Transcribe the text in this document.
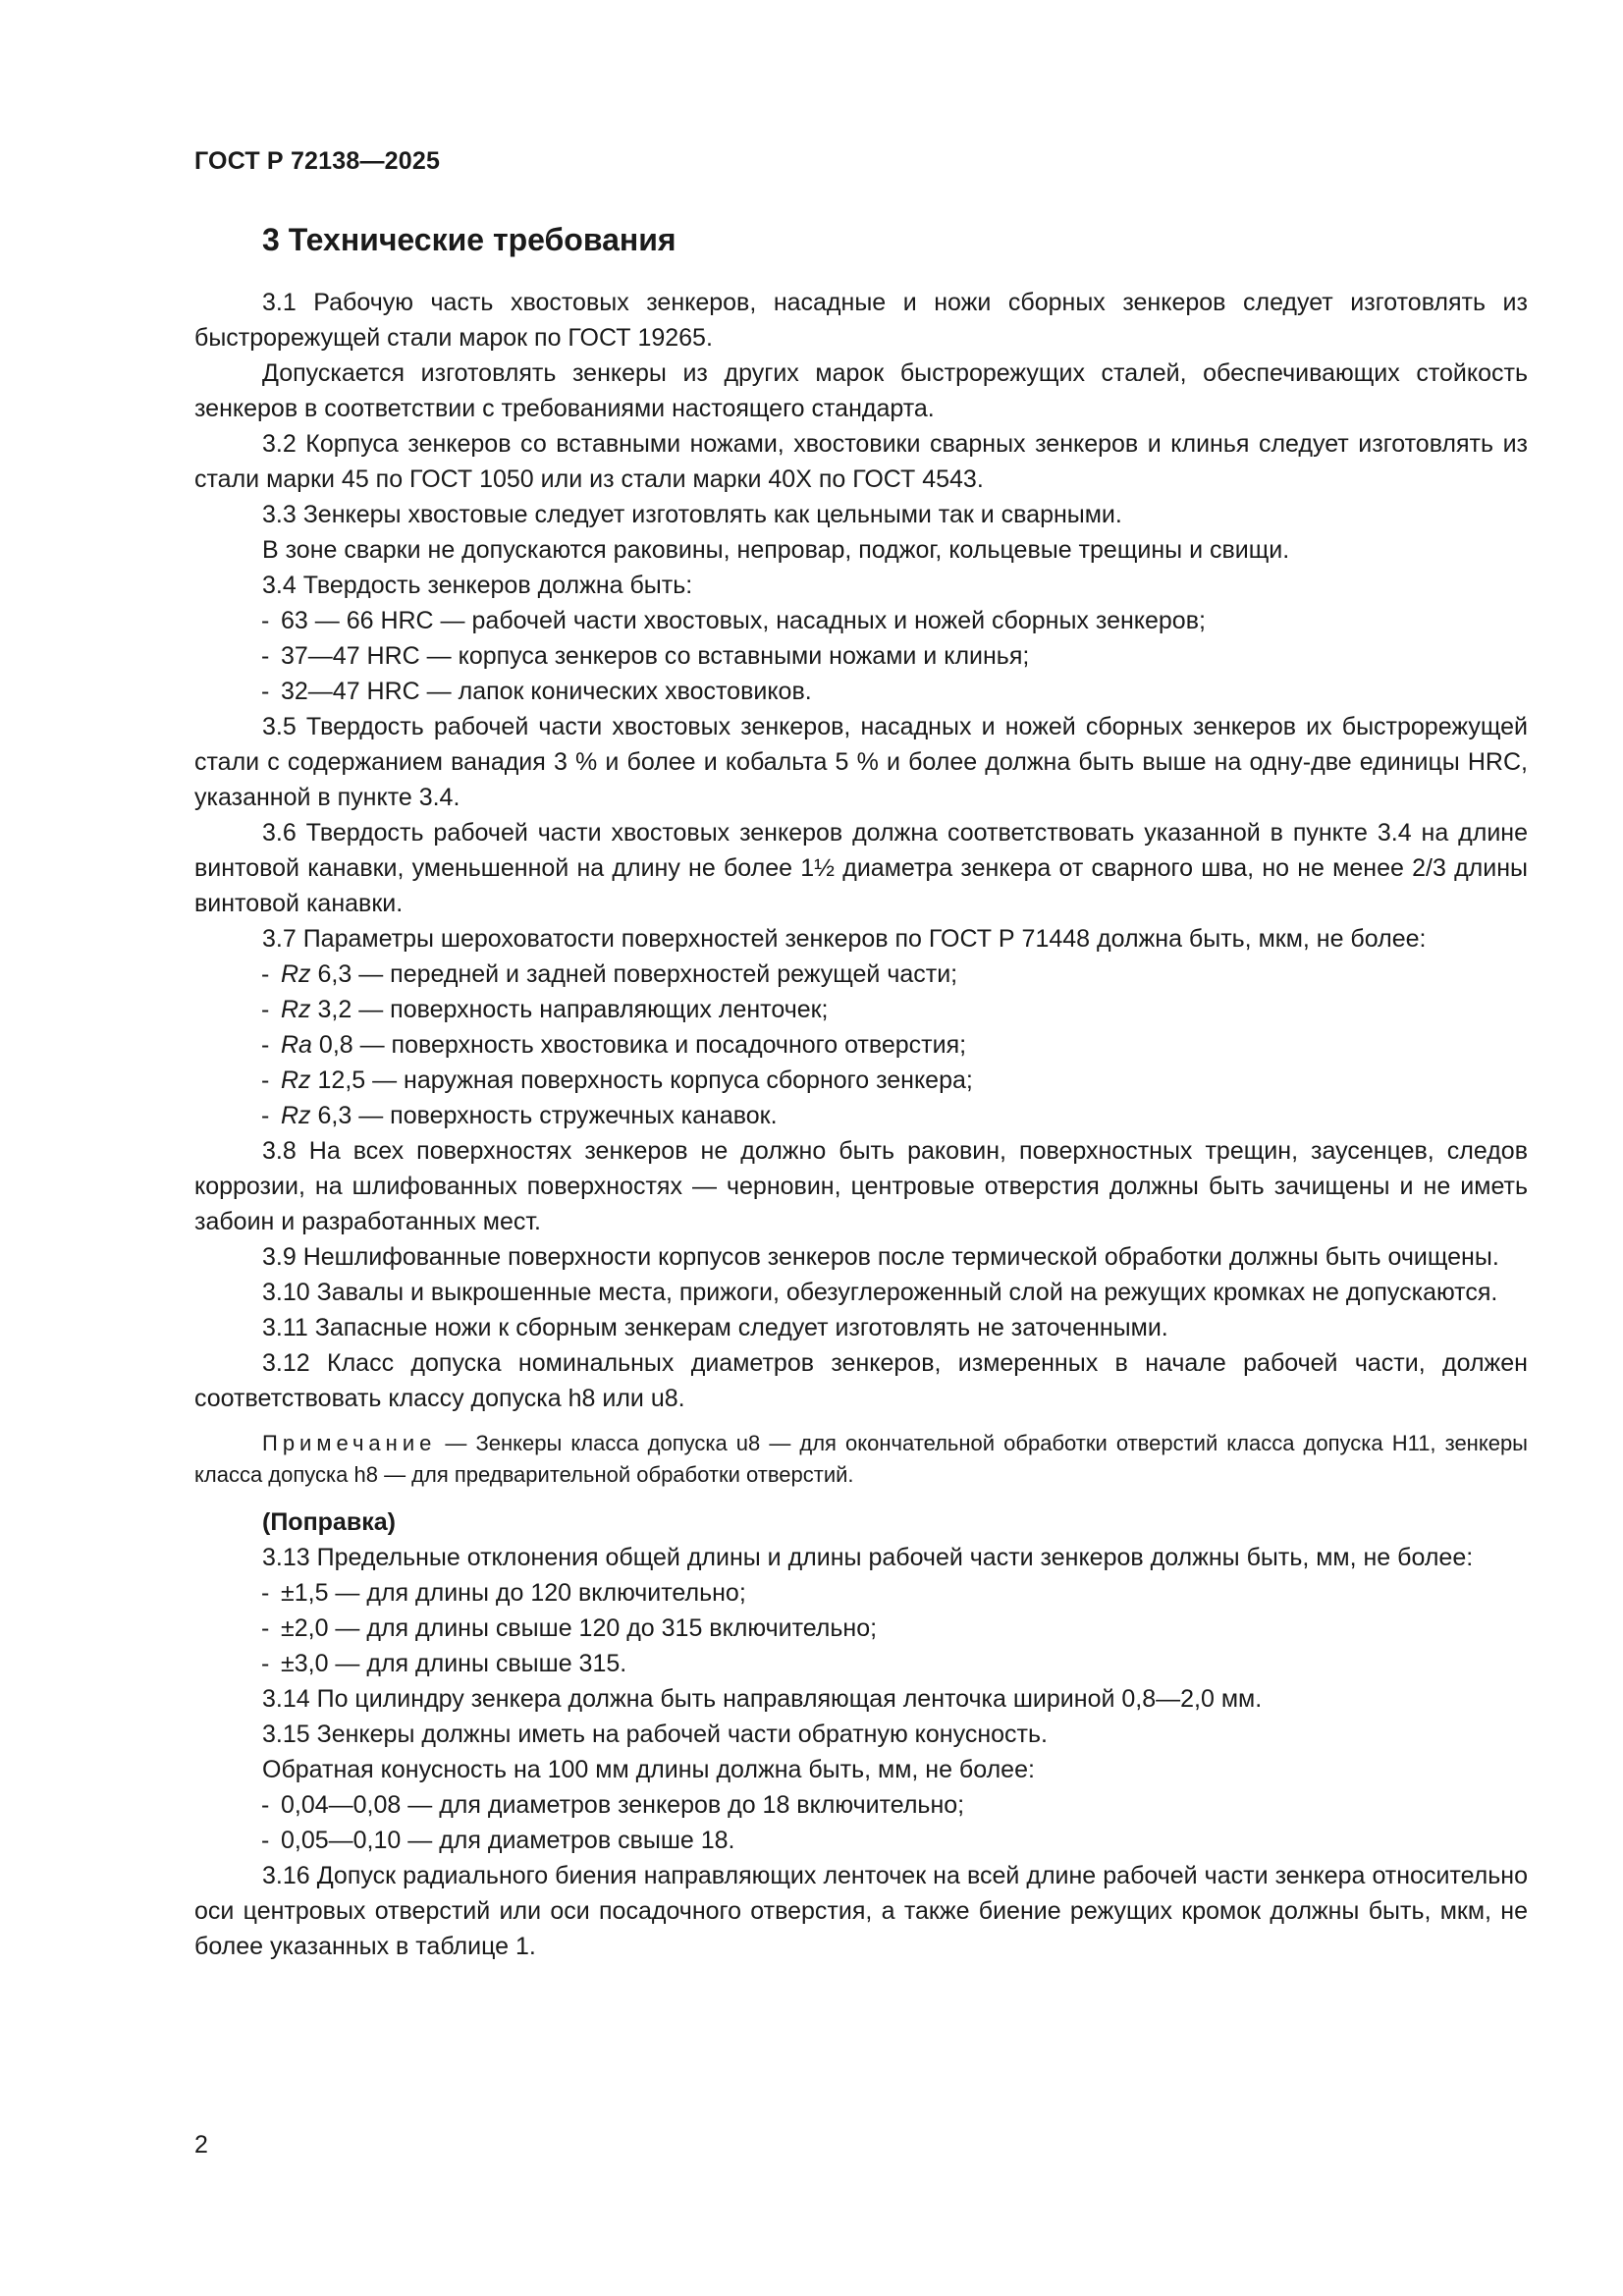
ГОСТ Р 72138—2025
3 Технические требования

3.1 Рабочую часть хвостовых зенкеров, насадные и ножи сборных зенкеров следует изготовлять из быстрорежущей стали марок по ГОСТ 19265.

Допускается изготовлять зенкеры из других марок быстрорежущих сталей, обеспечивающих стойкость зенкеров в соответствии с требованиями настоящего стандарта.

3.2 Корпуса зенкеров со вставными ножами, хвостовики сварных зенкеров и клинья следует изготовлять из стали марки 45 по ГОСТ 1050 или из стали марки 40Х по ГОСТ 4543.

3.3 Зенкеры хвостовые следует изготовлять как цельными так и сварными.

В зоне сварки не допускаются раковины, непровар, поджог, кольцевые трещины и свищи.

3.4 Твердость зенкеров должна быть:

- 63 — 66 HRC — рабочей части хвостовых, насадных и ножей сборных зенкеров;

- 37—47 HRC — корпуса зенкеров со вставными ножами и клинья;

- 32—47 HRC — лапок конических хвостовиков.

3.5 Твердость рабочей части хвостовых зенкеров, насадных и ножей сборных зенкеров их быстрорежущей стали с содержанием ванадия 3 % и более и кобальта 5 % и более должна быть выше на одну-две единицы HRC, указанной в пункте 3.4.

3.6 Твердость рабочей части хвостовых зенкеров должна соответствовать указанной в пункте 3.4 на длине винтовой канавки, уменьшенной на длину не более 1½ диаметра зенкера от сварного шва, но не менее 2/3 длины винтовой канавки.

3.7 Параметры шероховатости поверхностей зенкеров по ГОСТ Р 71448 должна быть, мкм, не более:

- Rz 6,3 — передней и задней поверхностей режущей части;

- Rz 3,2 — поверхность направляющих ленточек;

- Ra 0,8 — поверхность хвостовика и посадочного отверстия;

- Rz 12,5 — наружная поверхность корпуса сборного зенкера;

- Rz 6,3 — поверхность стружечных канавок.

3.8 На всех поверхностях зенкеров не должно быть раковин, поверхностных трещин, заусенцев, следов коррозии, на шлифованных поверхностях — черновин, центровые отверстия должны быть зачищены и не иметь забоин и разработанных мест.

3.9 Нешлифованные поверхности корпусов зенкеров после термической обработки должны быть очищены.

3.10 Завалы и выкрошенные места, прижоги, обезуглероженный слой на режущих кромках не допускаются.

3.11 Запасные ножи к сборным зенкерам следует изготовлять не заточенными.

3.12 Класс допуска номинальных диаметров зенкеров, измеренных в начале рабочей части, должен соответствовать классу допуска h8 или u8.

Примечание — Зенкеры класса допуска u8 — для окончательной обработки отверстий класса допуска H11, зенкеры класса допуска h8 — для предварительной обработки отверстий.

(Поправка)

3.13 Предельные отклонения общей длины и длины рабочей части зенкеров должны быть, мм, не более:

- ±1,5 — для длины до 120 включительно;

- ±2,0 — для длины свыше 120 до 315 включительно;

- ±3,0 — для длины свыше 315.

3.14 По цилиндру зенкера должна быть направляющая ленточка шириной 0,8—2,0 мм.

3.15 Зенкеры должны иметь на рабочей части обратную конусность.

Обратная конусность на 100 мм длины должна быть, мм, не более:

- 0,04—0,08 — для диаметров зенкеров до 18 включительно;

- 0,05—0,10 — для диаметров свыше 18.

3.16 Допуск радиального биения направляющих ленточек на всей длине рабочей части зенкера относительно оси центровых отверстий или оси посадочного отверстия, а также биение режущих кромок должны быть, мкм, не более указанных в таблице 1.

2
